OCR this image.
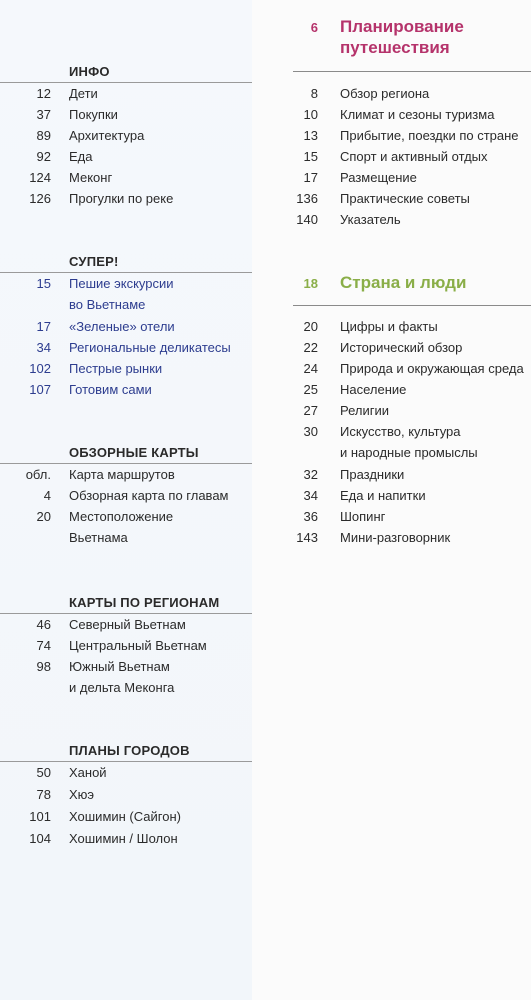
ИНФО
12 Дети
37 Покупки
89 Архитектура
92 Еда
124 Меконг
126 Прогулки по реке
СУПЕР!
15 Пешие экскурсии
во Вьетнаме
17 «Зеленые» отели
34 Региональные деликатесы
102 Пестрые рынки
107 Готовим сами
ОБЗОРНЫЕ КАРТЫ
обл. Карта маршрутов
4 Обзорная карта по главам
20 Местоположение
Вьетнама
КАРТЫ ПО РЕГИОНАМ
46 Северный Вьетнам
74 Центральный Вьетнам
98 Южный Вьетнам
и дельта Меконга
ПЛАНЫ ГОРОДОВ
50 Ханой
78 Хюэ
101 Хошимин (Сайгон)
104 Хошимин / Шолон
6 Планирование
путешествия
8 Обзор региона
10 Климат и сезоны туризма
13 Прибытие, поездки по стране
15 Спорт и активный отдых
17 Размещение
136 Практические советы
140 Указатель
18 Страна и люди
20 Цифры и факты
22 Исторический обзор
24 Природа и окружающая среда
25 Население
27 Религии
30 Искусство, культура
и народные промыслы
32 Праздники
34 Еда и напитки
36 Шопинг
143 Мини-разговорник
